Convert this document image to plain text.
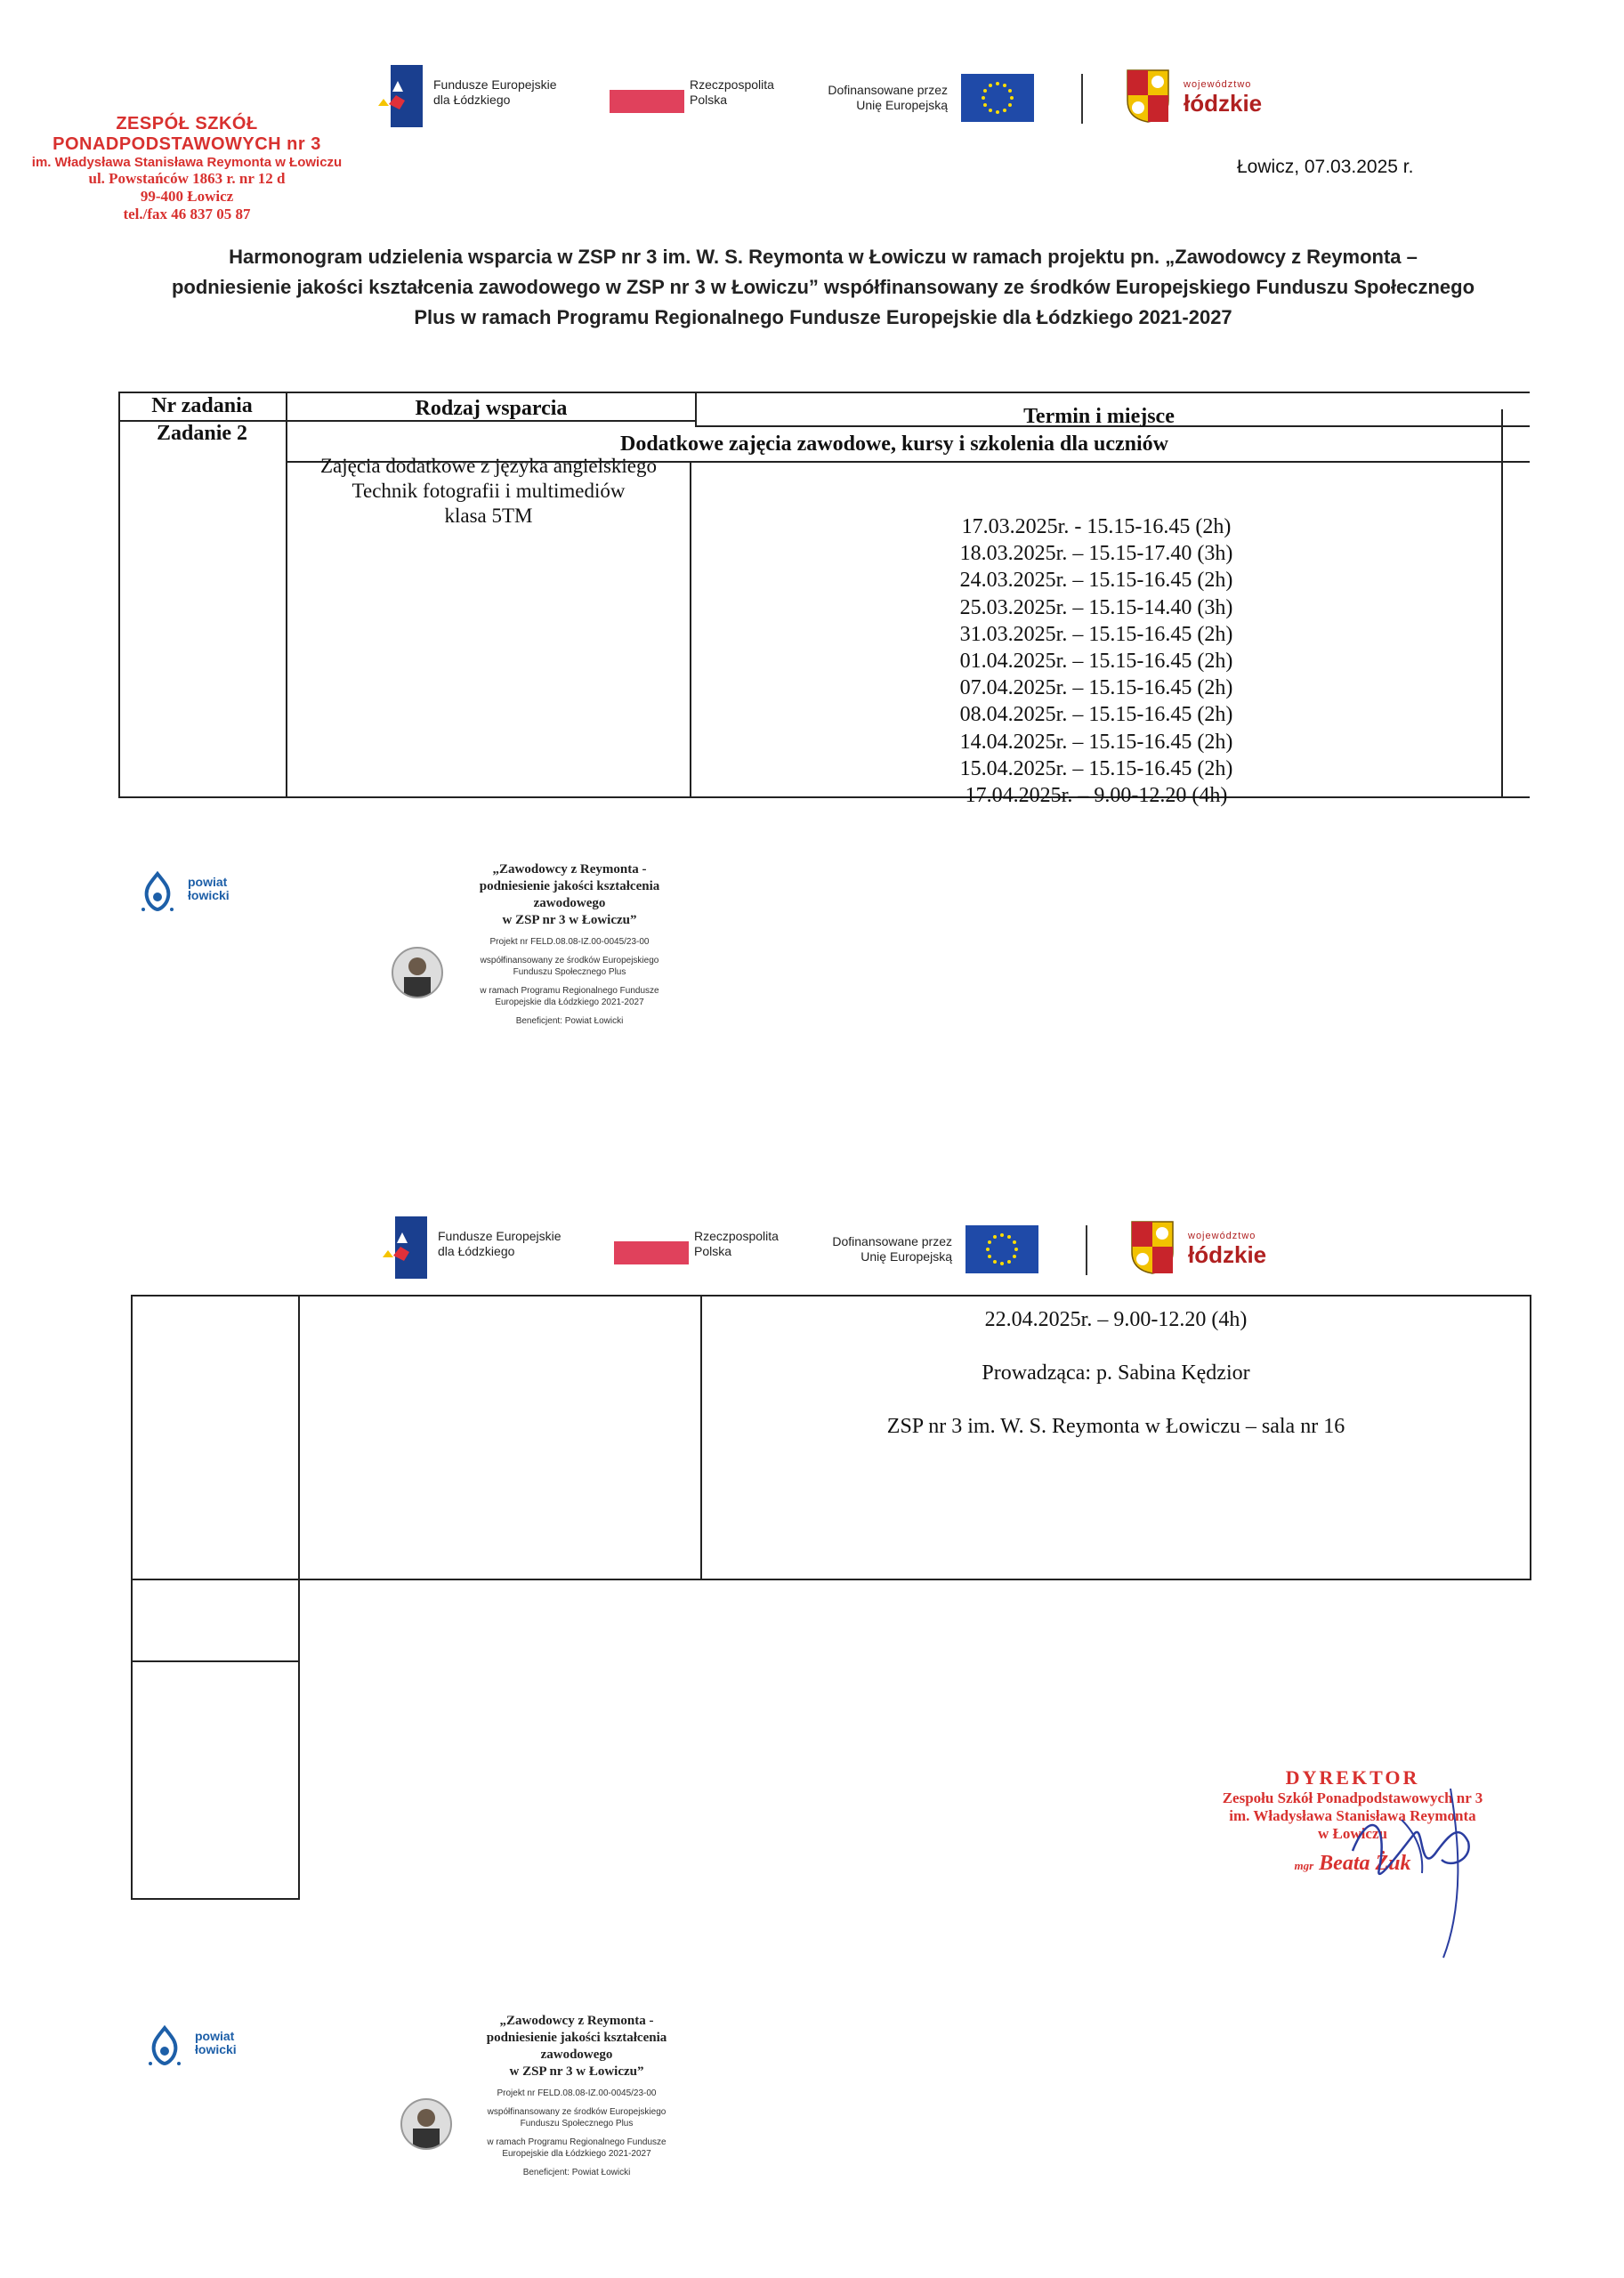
Fundusze Europejskie
dla Łódzkiego
Rzeczpospolita
Polska
Dofinansowane przez
Unię Europejską
województwo
łódzkie
ZESPÓŁ SZKÓŁ PONADPODSTAWOWYCH nr 3
im. Władysława Stanisława Reymonta w Łowiczu
ul. Powstańców 1863 r. nr 12 d
99-400 Łowicz
tel./fax 46 837 05 87
Łowicz, 07.03.2025 r.
Harmonogram udzielenia wsparcia w ZSP nr 3 im. W. S. Reymonta w Łowiczu w ramach projektu pn. „Zawodowcy z Reymonta –
podniesienie jakości kształcenia zawodowego w ZSP nr 3 w Łowiczu” współfinansowany ze środków Europejskiego Funduszu Społecznego
Plus w ramach Programu Regionalnego Fundusze Europejskie dla Łódzkiego 2021-2027
Nr zadania	Rodzaj wsparcia	Termin i miejsce
Zadanie 2	Dodatkowe zajęcia zawodowe, kursy i szkolenia dla uczniów
Zajęcia dodatkowe z języka angielskiego
Technik fotografii i multimediów
klasa 5TM	17.03.2025r. - 15.15-16.45 (2h)
18.03.2025r. – 15.15-17.40 (3h)
24.03.2025r. – 15.15-16.45 (2h)
25.03.2025r. – 15.15-14.40 (3h)
31.03.2025r. – 15.15-16.45 (2h)
01.04.2025r. – 15.15-16.45 (2h)
07.04.2025r. – 15.15-16.45 (2h)
08.04.2025r. – 15.15-16.45 (2h)
14.04.2025r. – 15.15-16.45 (2h)
15.04.2025r. – 15.15-16.45 (2h)
17.04.2025r. – 9.00-12.20 (4h)
powiat
łowicki
„Zawodowcy z Reymonta -
podniesienie jakości kształcenia
zawodowego
w ZSP nr 3 w Łowiczu”
Projekt nr FELD.08.08-IZ.00-0045/23-00
współfinansowany ze środków Europejskiego
Funduszu Społecznego Plus
w ramach Programu Regionalnego Fundusze
Europejskie dla Łódzkiego 2021-2027
Beneficjent: Powiat Łowicki
Fundusze Europejskie
dla Łódzkiego
Rzeczpospolita
Polska
Dofinansowane przez
Unię Europejską
województwo
łódzkie
22.04.2025r. – 9.00-12.20 (4h)
Prowadząca: p. Sabina Kędzior
ZSP nr 3 im. W. S. Reymonta w Łowiczu – sala nr 16
DYREKTOR
Zespołu Szkół Ponadpodstawowych nr 3
im. Władysława Stanisława Reymonta
w Łowiczu
mgr Beata Żuk
powiat
łowicki
„Zawodowcy z Reymonta -
podniesienie jakości kształcenia
zawodowego
w ZSP nr 3 w Łowiczu”
Projekt nr FELD.08.08-IZ.00-0045/23-00
współfinansowany ze środków Europejskiego
Funduszu Społecznego Plus
w ramach Programu Regionalnego Fundusze
Europejskie dla Łódzkiego 2021-2027
Beneficjent: Powiat Łowicki
